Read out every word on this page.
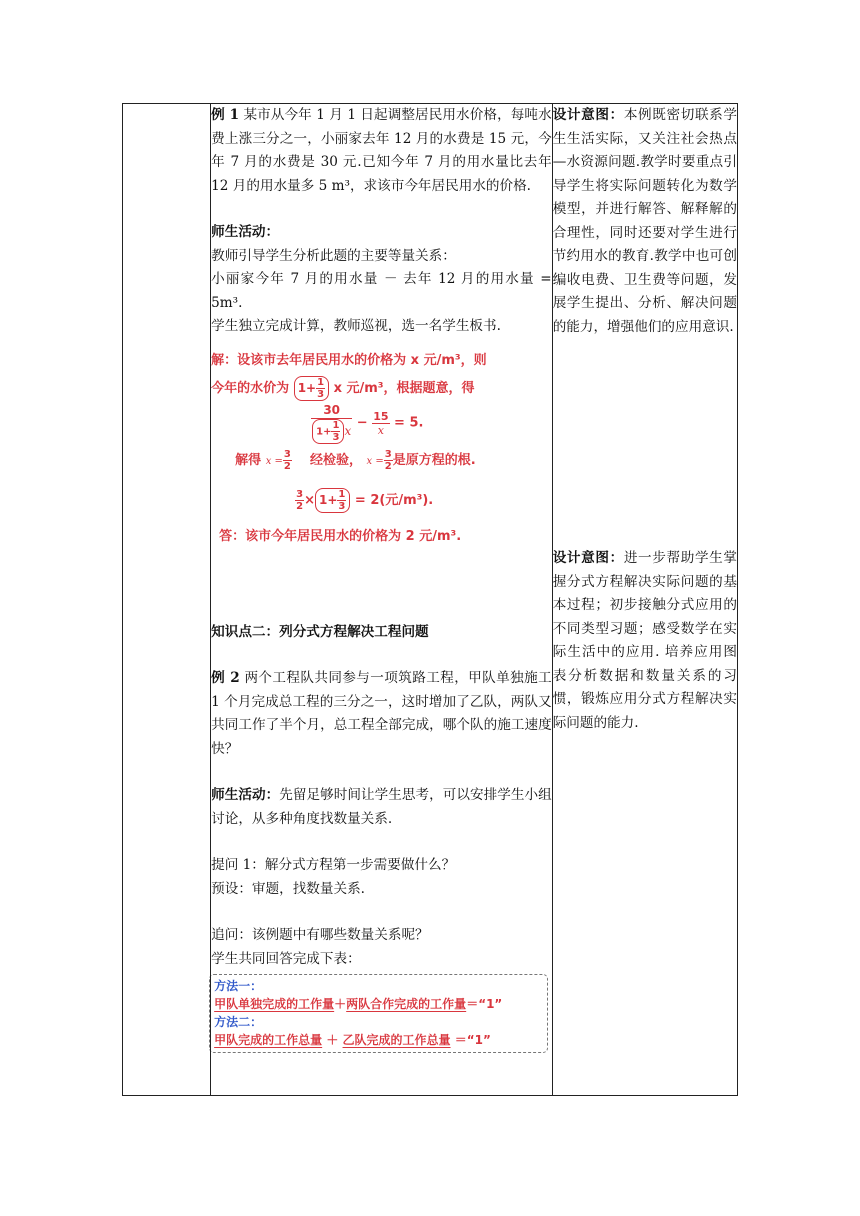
例 1 某市从今年 1 月 1 日起调整居民用水价格，每吨水费上涨三分之一，小丽家去年 12 月的水费是 15 元，今年 7 月的水费是 30 元.已知今年 7 月的用水量比去年 12 月的用水量多 5 m³，求该市今年居民用水的价格.

师生活动：

教师引导学生分析此题的主要等量关系：

小丽家今年 7 月的用水量 － 去年 12 月的用水量 = 5m³.

学生独立完成计算，教师巡视，选一名学生板书.

解：设该市去年居民用水的价格为 x 元/m³，则
今年的水价为 $1+ \frac{1}{3}$ x 元/m³，根据题意，得
$\frac{30}{1+ \frac{1}{3} x} - \frac{15}{x} = 5$.
解得 $x = \frac{3}{2}$ 经检验， $x = \frac{3}{2}$ 是原方程的根.
$\frac{3}{2} \times 1+ \frac{1}{3} = 2$(元/m³).
答：该市今年居民用水的价格为 2 元/m³.

知识点二：列分式方程解决工程问题

例 2 两个工程队共同参与一项筑路工程，甲队单独施工 1 个月完成总工程的三分之一，这时增加了乙队，两队又共同工作了半个月，总工程全部完成，哪个队的施工速度快？

师生活动：先留足够时间让学生思考，可以安排学生小组讨论，从多种角度找数量关系.

提问 1：解分式方程第一步需要做什么？

预设：审题，找数量关系.

追问：该例题中有哪些数量关系呢？

学生共同回答完成下表：

方法一：
甲队单独完成的工作量＋两队合作完成的工作量＝“1”
方法二：
甲队完成的工作总量 ＋ 乙队完成的工作总量 ＝“1”

设计意图：本例既密切联系学生生活实际，又关注社会热点—水资源问题.教学时要重点引导学生将实际问题转化为数学模型，并进行解答、解释解的合理性，同时还要对学生进行节约用水的教育.教学中也可创编收电费、卫生费等问题，发展学生提出、分析、解决问题的能力，增强他们的应用意识.

设计意图：进一步帮助学生掌握分式方程解决实际问题的基本过程；初步接触分式应用的不同类型习题；感受数学在实际生活中的应用. 培养应用图表分析数据和数量关系的习惯，锻炼应用分式方程解决实际问题的能力.
